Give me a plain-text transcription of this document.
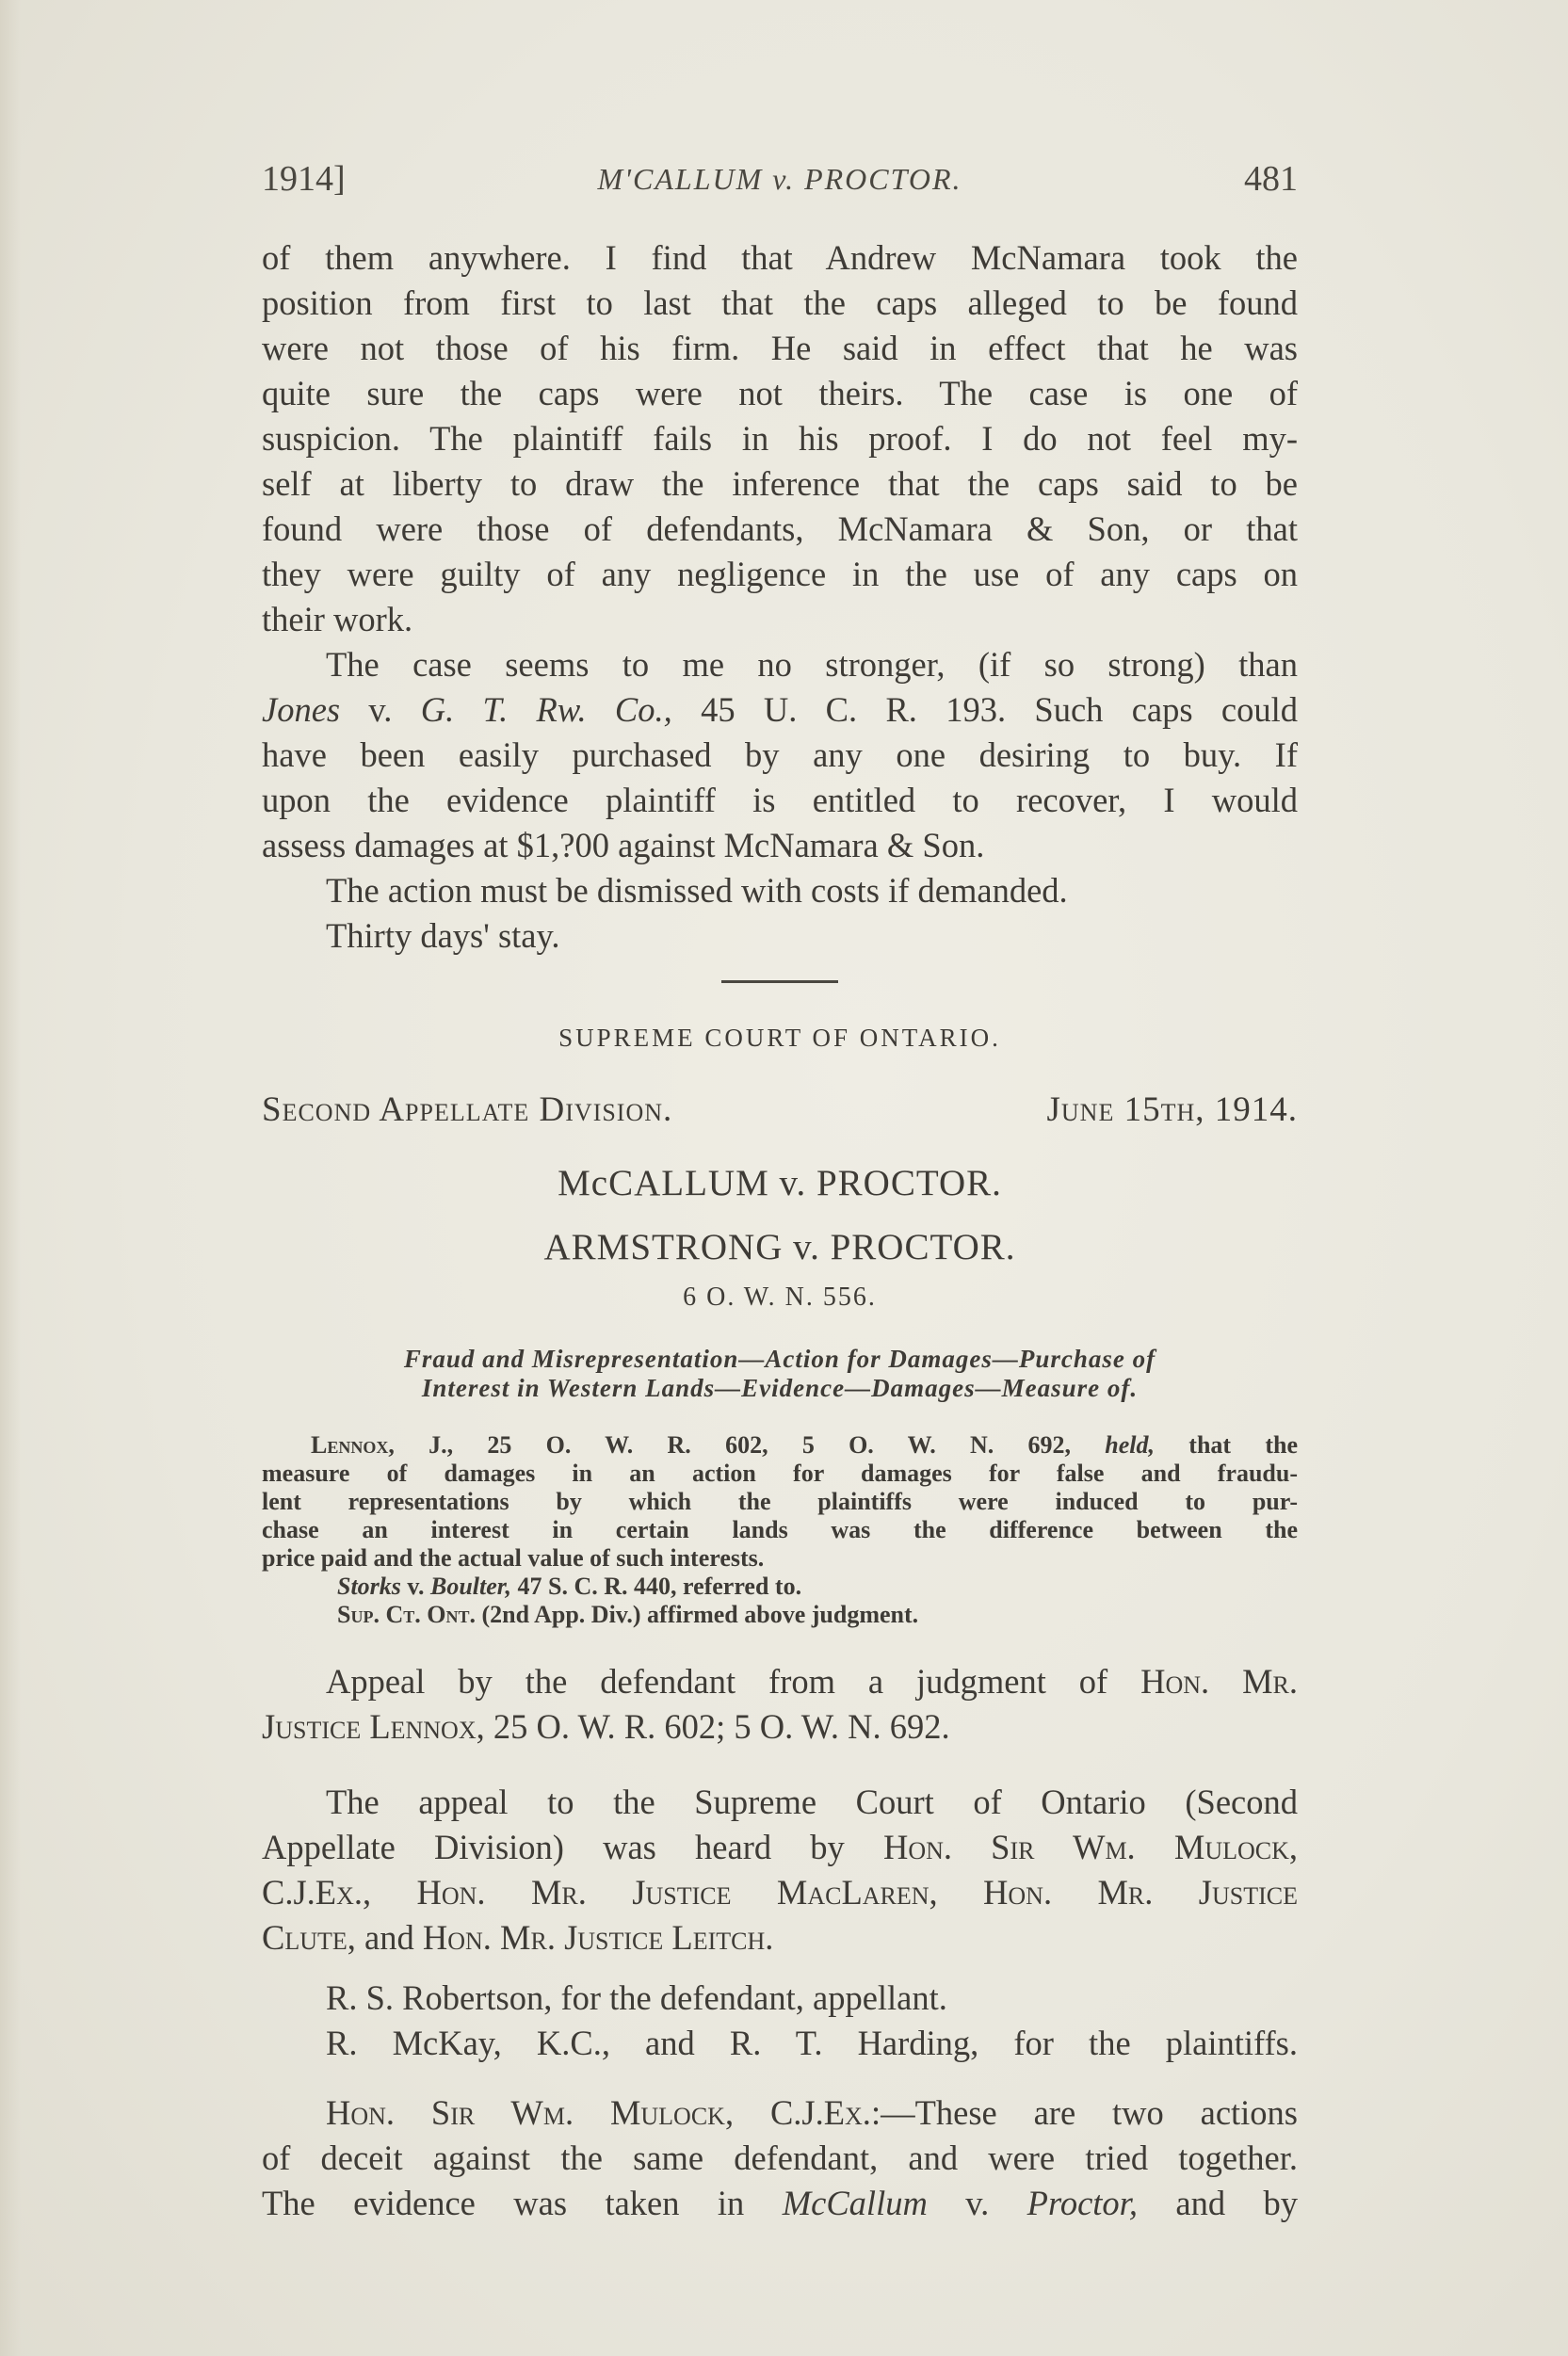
1914]	M'CALLUM v. PROCTOR.	481
of them anywhere. I find that Andrew McNamara took the
position from first to last that the caps alleged to be found
were not those of his firm. He said in effect that he was
quite sure the caps were not theirs. The case is one of
suspicion. The plaintiff fails in his proof. I do not feel my-
self at liberty to draw the inference that the caps said to be
found were those of defendants, McNamara & Son, or that
they were guilty of any negligence in the use of any caps on
their work.
The case seems to me no stronger, (if so strong) than
Jones v. G. T. Rw. Co., 45 U. C. R. 193. Such caps could
have been easily purchased by any one desiring to buy. If
upon the evidence plaintiff is entitled to recover, I would
assess damages at $1,?00 against McNamara & Son.
The action must be dismissed with costs if demanded.
Thirty days' stay.
SUPREME COURT OF ONTARIO.
Second Appellate Division.	June 15th, 1914.
McCALLUM v. PROCTOR.
ARMSTRONG v. PROCTOR.
6 O. W. N. 556.
Fraud and Misrepresentation—Action for Damages—Purchase of
Interest in Western Lands—Evidence—Damages—Measure of.
Lennox, J., 25 O. W. R. 602, 5 O. W. N. 692, held, that the
measure of damages in an action for damages for false and fraudu-
lent representations by which the plaintiffs were induced to pur-
chase an interest in certain lands was the difference between the
price paid and the actual value of such interests.
Storks v. Boulter, 47 S. C. R. 440, referred to.
Sup. Ct. Ont. (2nd App. Div.) affirmed above judgment.
Appeal by the defendant from a judgment of Hon. Mr.
Justice Lennox, 25 O. W. R. 602; 5 O. W. N. 692.
The appeal to the Supreme Court of Ontario (Second
Appellate Division) was heard by Hon. Sir Wm. Mulock,
C.J.Ex., Hon. Mr. Justice MacLaren, Hon. Mr. Justice
Clute, and Hon. Mr. Justice Leitch.
R. S. Robertson, for the defendant, appellant.
R. McKay, K.C., and R. T. Harding, for the plaintiffs.
Hon. Sir Wm. Mulock, C.J.Ex.:—These are two actions
of deceit against the same defendant, and were tried together.
The evidence was taken in McCallum v. Proctor, and by
